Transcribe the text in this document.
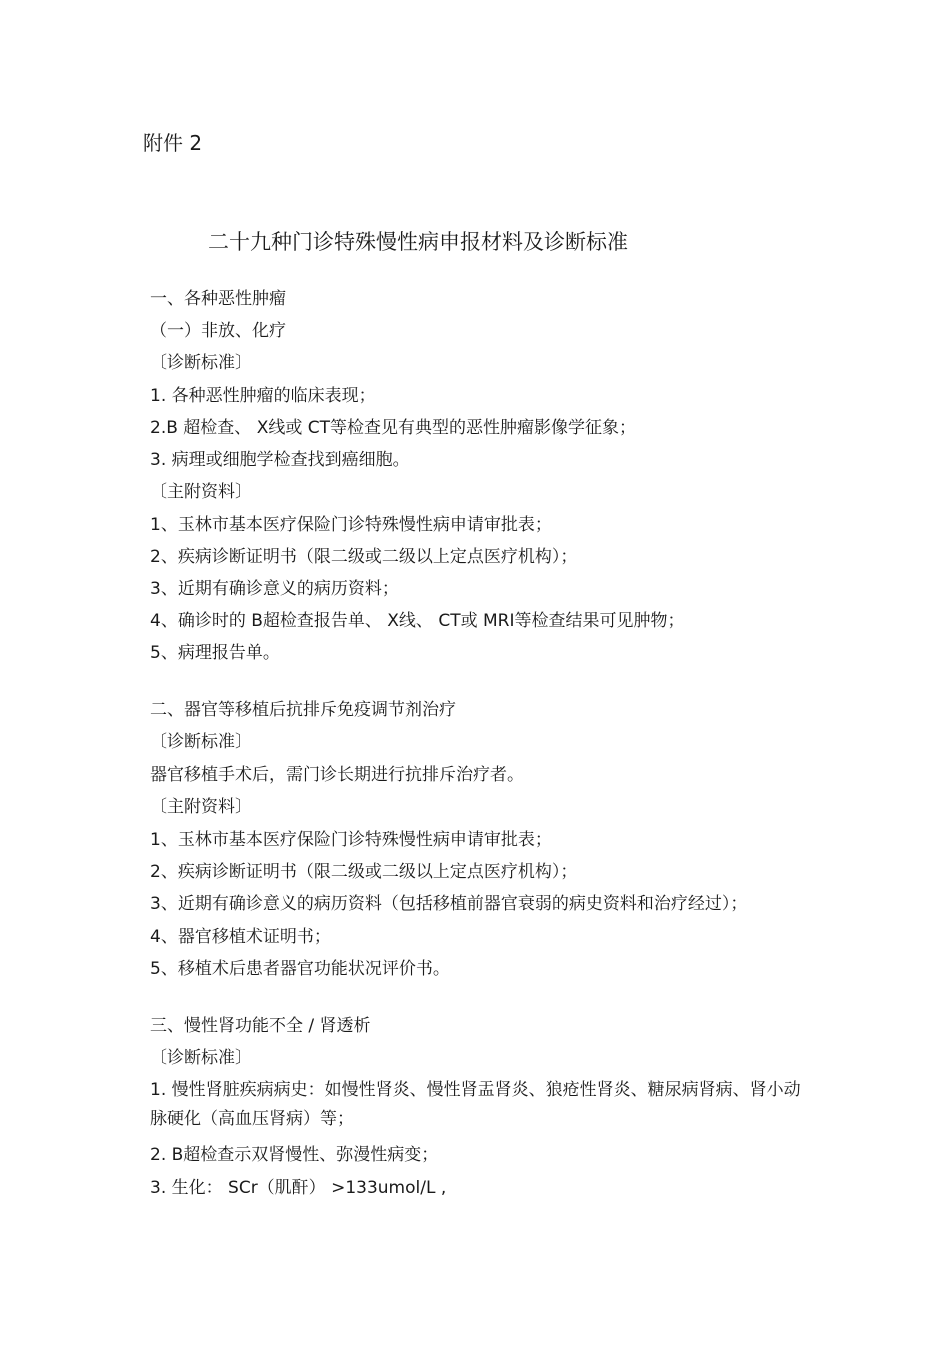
附件 2
二十九种门诊特殊慢性病申报材料及诊断标准
一、各种恶性肿瘤
（一）非放、化疗
〔诊断标准〕
1. 各种恶性肿瘤的临床表现；
2.B 超检查、 X线或 CT等检查见有典型的恶性肿瘤影像学征象；
3. 病理或细胞学检查找到癌细胞。
〔主附资料〕
1、玉林市基本医疗保险门诊特殊慢性病申请审批表；
2、疾病诊断证明书（限二级或二级以上定点医疗机构）；
3、近期有确诊意义的病历资料；
4、确诊时的 B超检查报告单、 X线、 CT或 MRI等检查结果可见肿物；
5、病理报告单。
二、器官等移植后抗排斥免疫调节剂治疗
〔诊断标准〕
器官移植手术后，需门诊长期进行抗排斥治疗者。
〔主附资料〕
1、玉林市基本医疗保险门诊特殊慢性病申请审批表；
2、疾病诊断证明书（限二级或二级以上定点医疗机构）；
3、近期有确诊意义的病历资料（包括移植前器官衰弱的病史资料和治疗经过）；
4、器官移植术证明书；
5、移植术后患者器官功能状况评价书。
三、慢性肾功能不全 / 肾透析
〔诊断标准〕
1. 慢性肾脏疾病病史：如慢性肾炎、慢性肾盂肾炎、狼疮性肾炎、糖尿病肾病、肾小动脉硬化（高血压肾病）等；
2. B超检查示双肾慢性、弥漫性病变；
3. 生化： SCr（肌酐） >133umol/L ,
